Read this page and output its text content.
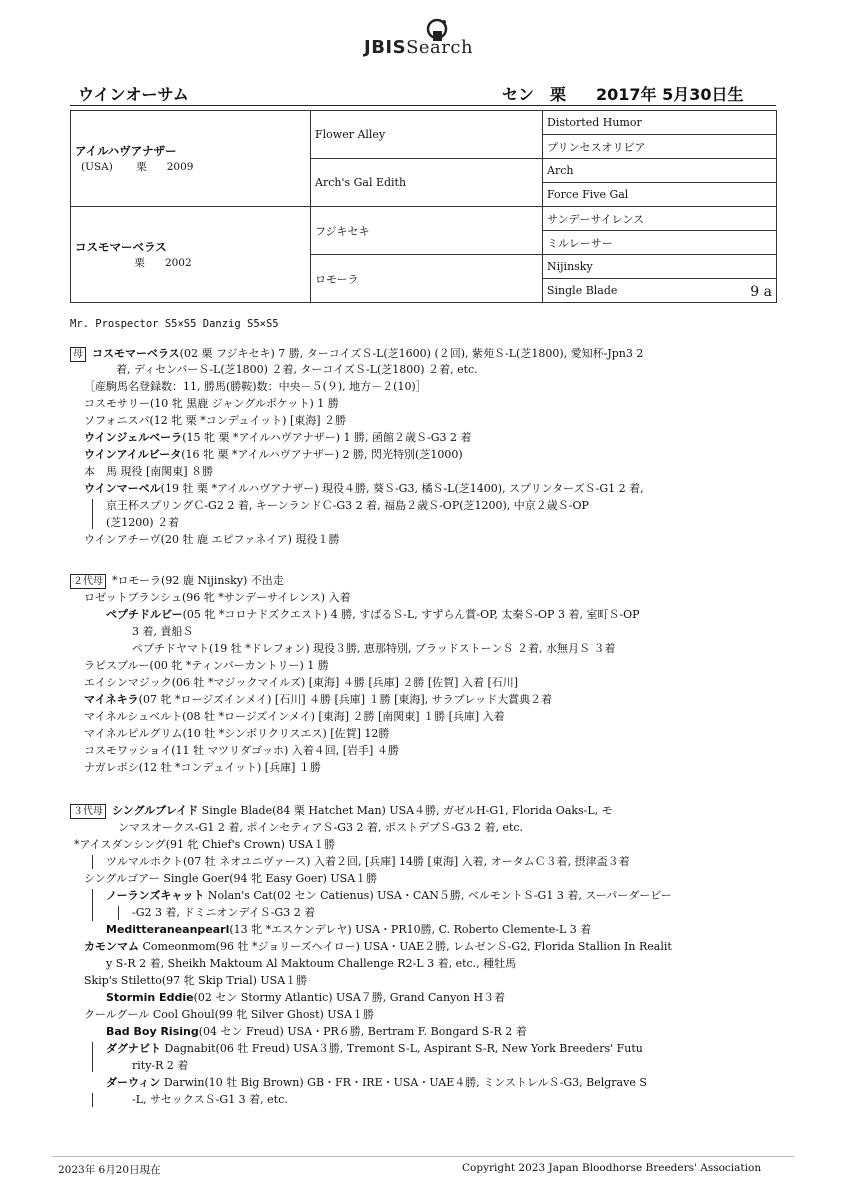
JBISSearch
ウインオーサム	セン 栗 2017年 5月30日生
アイルハヴアナザー
(USA) 栗 2009	Flower Alley	Distorted Humor
		プリンセスオリビア
	Arch's Gal Edith	Arch
		Force Five Gal

コスモマーベラス
栗 2002	フジキセキ	サンデーサイレンス
		ミルレーサー
	ロモーラ	Nijinsky
		Single Blade 9 a
Mr. Prospector S5×S5 Danzig S5×S5
母 コスモマーベラス(02 栗 フジキセキ) 7 勝, ターコイズＳ-L(芝1600) (２回), 紫苑Ｓ-L(芝1800), 愛知杯-Jpn3 2
着, ディセンバーＳ-L(芝1800) ２着, ターコイズＳ-L(芝1800) ２着, etc.
［産駒馬名登録数：11, 勝馬(勝鞍)数：中央－５(９), 地方－２(10)］
コスモサリー(10 牝 黒鹿 ジャングルポケット) 1 勝
ソフォニスバ(12 牝 栗 *コンデュイット) [東海] ２勝
ウインジェルベーラ(15 牝 栗 *アイルハヴアナザー) 1 勝, 函館２歳Ｓ-G3 2 着
ウインアイルビータ(16 牝 栗 *アイルハヴアナザー) 2 勝, 閃光特別(芝1000)
本　馬 現役 [南関東] ８勝
ウインマーベル(19 牡 栗 *アイルハヴアナザー) 現役４勝, 葵Ｓ-G3, 橘Ｓ-L(芝1400), スプリンターズＳ-G1 2 着,
京王杯スプリングＣ-G2 2 着, キーンランドＣ-G3 2 着, 福島２歳Ｓ-OP(芝1200), 中京２歳Ｓ-OP
(芝1200) ２着
ウインアチーヴ(20 牡 鹿 エピファネイア) 現役１勝
２代母 *ロモーラ(92 鹿 Nijinsky) 不出走
ロゼットブランシュ(96 牝 *サンデーサイレンス) 入着
ペプチドルビー(05 牝 *コロナドズクエスト) 4 勝, すばるＳ-L, すずらん賞-OP, 太秦Ｓ-OP 3 着, 室町Ｓ-OP
3 着, 貴船Ｓ
ペプチドヤマト(19 牡 *ドレフォン) 現役３勝, 恵那特別, ブラッドストーンＳ ２着, 水無月Ｓ ３着
ラピスブルー(00 牝 *ティンバーカントリー) 1 勝
エイシンマジック(06 牡 *マジックマイルズ) [東海] ４勝 [兵庫] ２勝 [佐賀] 入着 [石川]
マイネキラ(07 牝 *ロージズインメイ) [石川] ４勝 [兵庫] １勝 [東海], サラブレッド大賞典２着
マイネルシュベルト(08 牡 *ロージズインメイ) [東海] ２勝 [南関東] １勝 [兵庫] 入着
マイネルピルグリム(10 牡 *シンボリクリスエス) [佐賀] 12勝
コスモワッショイ(11 牡 マツリダゴッホ) 入着４回, [岩手] ４勝
ナガレボシ(12 牡 *コンデュイット) [兵庫] １勝
３代母 シングルブレイド Single Blade(84 栗 Hatchet Man) USA４勝, ガゼルH-G1, Florida Oaks-L, モ
ンマスオークス-G1 2 着, ポインセティアＳ-G3 2 着, ポストデブＳ-G3 2 着, etc.
*アイスダンシング(91 牝 Chief's Crown) USA１勝
ツルマルホクト(07 牡 ネオユニヴァース) 入着２回, [兵庫] 14勝 [東海] 入着, オータムＣ３着, 摂津盃３着
シングルゴアー Single Goer(94 牝 Easy Goer) USA１勝
ノーランズキャット Nolan's Cat(02 セン Catienus) USA・CAN５勝, ベルモントＳ-G1 3 着, スーパーダービー
-G2 3 着, ドミニオンデイＳ-G3 2 着
Meditteraneanpearl(13 牝 *エスケンデレヤ) USA・PR10勝, C. Roberto Clemente-L 3 着
カモンマム Comeonmom(96 牡 *ジョリーズヘイロー) USA・UAE２勝, レムゼンＳ-G2, Florida Stallion In Realit
y S-R 2 着, Sheikh Maktoum Al Maktoum Challenge R2-L 3 着, etc., 種牡馬
Skip's Stiletto(97 牝 Skip Trial) USA１勝
Stormin Eddie(02 セン Stormy Atlantic) USA７勝, Grand Canyon H３着
クールグール Cool Ghoul(99 牝 Silver Ghost) USA１勝
Bad Boy Rising(04 セン Freud) USA・PR６勝, Bertram F. Bongard S-R 2 着
ダグナビト Dagnabit(06 牡 Freud) USA３勝, Tremont S-L, Aspirant S-R, New York Breeders' Futu
rity-R 2 着
ダーウィン Darwin(10 牡 Big Brown) GB・FR・IRE・USA・UAE４勝, ミンストレルＳ-G3, Belgrave S
-L, サセックスＳ-G1 3 着, etc.
2023年 6月20日現在	Copyright 2023 Japan Bloodhorse Breeders' Association
